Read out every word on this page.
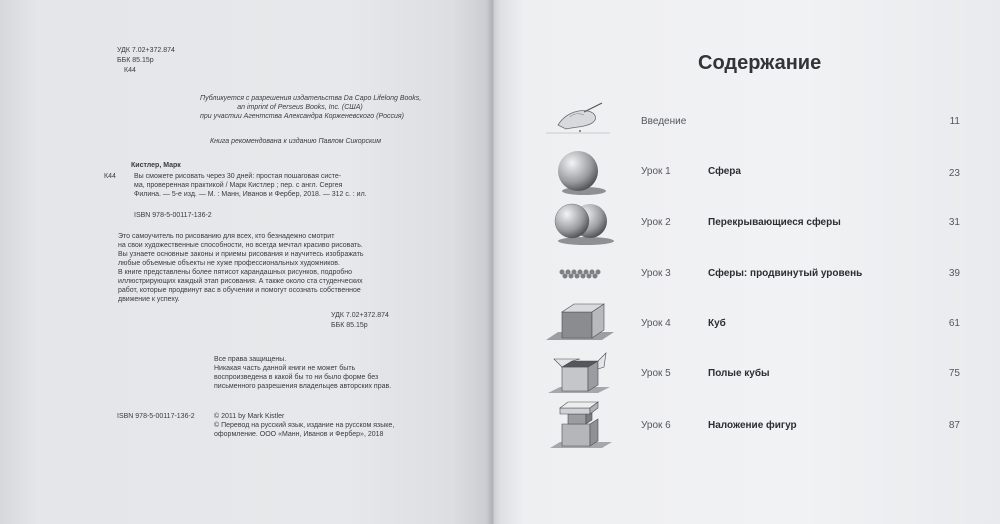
УДК 7.02+372.874
ББК 85.15р
К44
Публикуется с разрешения издательства Da Capo Lifelong Books,
an imprint of Perseus Books, Inc. (США)
при участии Агентства Александра Корженевского (Россия)
Книга рекомендована к изданию Павлом Сикорским
Кистлер, Марк
К44	Вы сможете рисовать через 30 дней: простая пошаговая систе-
ма, проверенная практикой / Марк Кистлер ; пер. с англ. Сергея
Филина. — 5-е изд. — М. : Манн, Иванов и Фербер, 2018. — 312 с. : ил.
ISBN 978-5-00117-136-2
Это самоучитель по рисованию для всех, кто безнадежно смотрит
на свои художественные способности, но всегда мечтал красиво рисовать.
Вы узнаете основные законы и приемы рисования и научитесь изображать
любые объемные объекты не хуже профессиональных художников.
В книге представлены более пятисот карандашных рисунков, подробно
иллюстрирующих каждый этап рисования. А также около ста студенческих
работ, которые продвинут вас в обучении и помогут осознать собственное
движение к успеху.
УДК 7.02+372.874
ББК 85.15р
Все права защищены.
Никакая часть данной книги не может быть
воспроизведена в какой бы то ни было форме без
письменного разрешения владельцев авторских прав.
ISBN 978-5-00117-136-2	© 2011 by Mark Kistler
© Перевод на русский язык, издание на русском языке,
оформление. ООО «Манн, Иванов и Фербер», 2018
Содержание
Введение	11
Урок 1	Сфера	23
Урок 2	Перекрывающиеся сферы	31
Урок 3	Сферы: продвинутый уровень	39
Урок 4	Куб	61
Урок 5	Полые кубы	75
Урок 6	Наложение фигур	87
